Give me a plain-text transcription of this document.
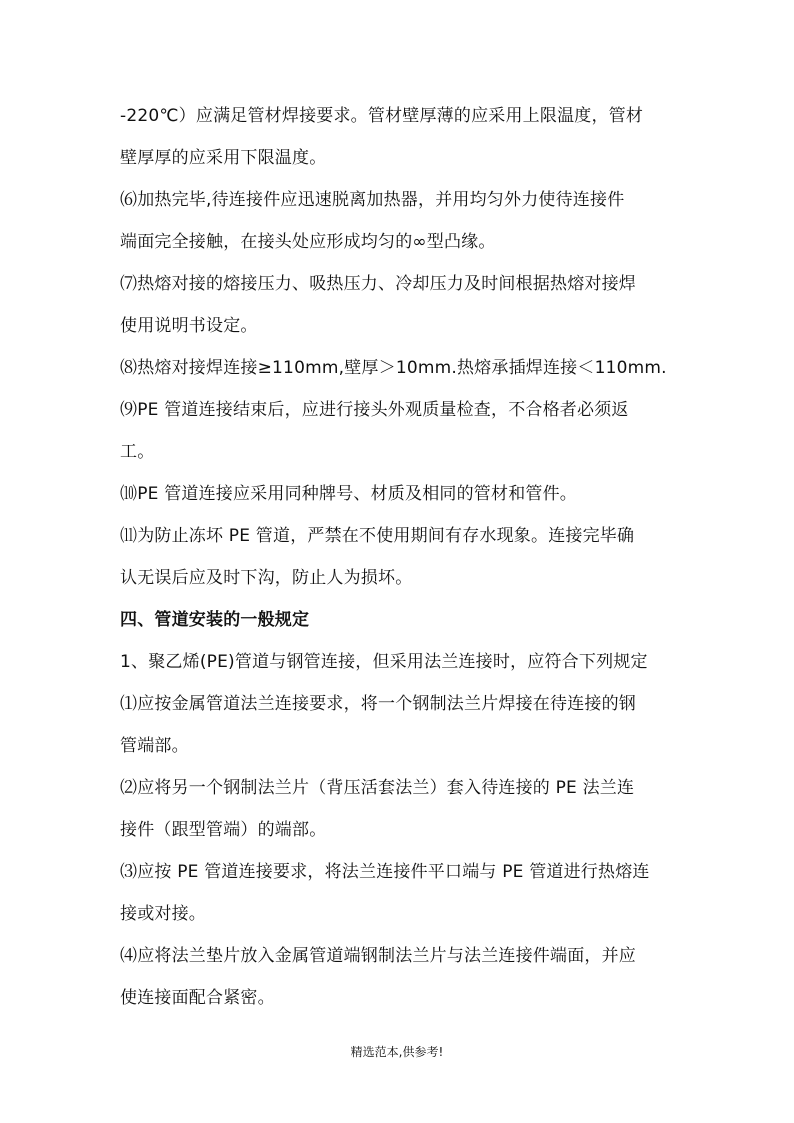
-220℃）应满足管材焊接要求。管材壁厚薄的应采用上限温度，管材
壁厚厚的应采用下限温度。
⑹加热完毕,待连接件应迅速脱离加热器，并用均匀外力使待连接件
端面完全接触，在接头处应形成均匀的∞型凸缘。
⑺热熔对接的熔接压力、吸热压力、冷却压力及时间根据热熔对接焊
使用说明书设定。
⑻热熔对接焊连接≥110mm,壁厚＞10mm.热熔承插焊连接＜110mm.
⑼PE 管道连接结束后，应进行接头外观质量检查，不合格者必须返
工。
⑽PE 管道连接应采用同种牌号、材质及相同的管材和管件。
⑾为防止冻坏 PE 管道，严禁在不使用期间有存水现象。连接完毕确
认无误后应及时下沟，防止人为损坏。
四、管道安装的一般规定
1、聚乙烯(PE)管道与钢管连接，但采用法兰连接时，应符合下列规定
⑴应按金属管道法兰连接要求，将一个钢制法兰片焊接在待连接的钢
管端部。
⑵应将另一个钢制法兰片（背压活套法兰）套入待连接的 PE 法兰连
接件（跟型管端）的端部。
⑶应按 PE 管道连接要求，将法兰连接件平口端与 PE 管道进行热熔连
接或对接。
⑷应将法兰垫片放入金属管道端钢制法兰片与法兰连接件端面，并应
使连接面配合紧密。
精选范本,供参考!
